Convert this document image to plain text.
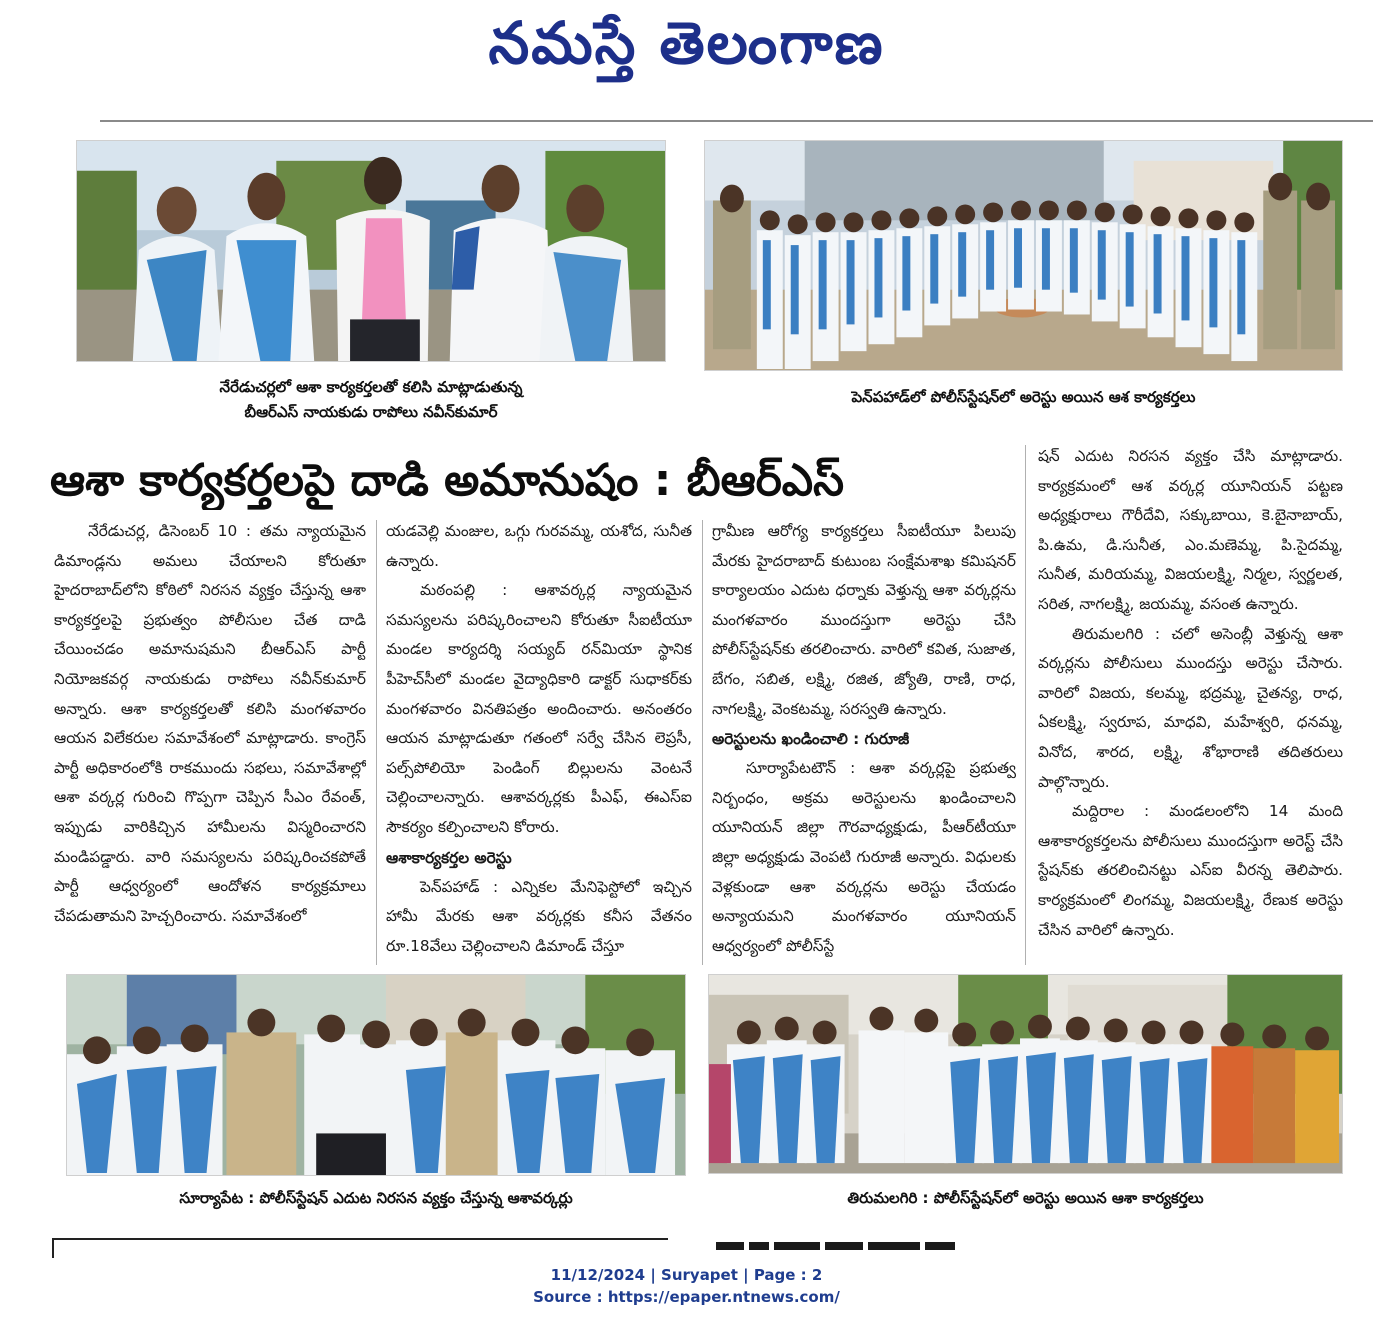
నమస్తే తెలంగాణ
నేరేడుచర్లలో ఆశా కార్యకర్తలతో కలిసి మాట్లాడుతున్న
బీఆర్‌ఎస్‌ నాయకుడు రాపోలు నవీన్‌కుమార్‌
పెన్‌పహాడ్‌లో పోలీస్‌స్టేషన్‌లో అరెస్టు అయిన ఆశ కార్యకర్తలు
ఆశా కార్యకర్తలపై దాడి అమానుషం : బీఆర్‌ఎస్‌

నేరేడుచర్ల, డిసెంబర్‌ 10 : తమ న్యాయమైన డిమాండ్లను అమలు చేయాలని కోరుతూ హైదరాబాద్‌లోని కోఠిలో నిరసన వ్యక్తం చేస్తున్న ఆశా కార్యకర్తలపై ప్రభుత్వం పోలీసుల చేత దాడి చేయించడం అమానుషమని బీఆర్‌ఎస్‌ పార్టీ నియోజకవర్గ నాయకుడు రాపోలు నవీన్‌కుమార్‌ అన్నారు. ఆశా కార్యకర్తలతో కలిసి మంగళవారం ఆయన విలేకరుల సమావేశంలో మాట్లాడారు. కాంగ్రెస్‌ పార్టీ అధికారంలోకి రాకముందు సభలు, సమావేశాల్లో ఆశా వర్కర్ల గురించి గొప్పగా చెప్పిన సీఎం రేవంత్‌, ఇప్పుడు వారికిచ్చిన హామీలను విస్మరించారని మండిపడ్డారు. వారి సమస్యలను పరిష్కరించకపోతే పార్టీ ఆధ్వర్యంలో ఆందోళన కార్యక్రమాలు చేపడుతామని హెచ్చరించారు. సమావేశంలో

యడవెల్లి మంజుల, ఒగ్గు గురవమ్మ, యశోద, సునీత ఉన్నారు.

మఠంపల్లి : ఆశావర్కర్ల న్యాయమైన సమస్యలను పరిష్కరించాలని కోరుతూ సీఐటీయూ మండల కార్యదర్శి సయ్యద్‌ రన్‌మియా స్థానిక పీహెచ్‌సీలో మండల వైద్యాధికారి డాక్టర్‌ సుధాకర్‌కు మంగళవారం వినతిపత్రం అందించారు. అనంతరం ఆయన మాట్లాడుతూ గతంలో సర్వే చేసిన లెప్రసీ, పల్స్‌పోలియో పెండింగ్‌ బిల్లులను వెంటనే చెల్లించాలన్నారు. ఆశావర్కర్లకు పీఎఫ్‌, ఈఎస్‌ఐ సౌకర్యం కల్పించాలని కోరారు.

ఆశాకార్యకర్తల అరెస్టు

పెన్‌పహాడ్‌ : ఎన్నికల మేనిఫెస్టోలో ఇచ్చిన హామీ మేరకు ఆశా వర్కర్లకు కనీస వేతనం రూ.18వేలు చెల్లించాలని డిమాండ్‌ చేస్తూ

గ్రామీణ ఆరోగ్య కార్యకర్తలు సీఐటీయూ పిలుపు మేరకు హైదరాబాద్‌ కుటుంబ సంక్షేమశాఖ కమిషనర్‌ కార్యాలయం ఎదుట ధర్నాకు వెళ్తున్న ఆశా వర్కర్లను మంగళవారం ముందస్తుగా అరెస్టు చేసి పోలీస్‌స్టేషన్‌కు తరలించారు. వారిలో కవిత, సుజాత, బేగం, సబిత, లక్ష్మి, రజిత, జ్యోతి, రాణి, రాధ, నాగలక్ష్మి, వెంకటమ్మ, సరస్వతి ఉన్నారు.

అరెస్టులను ఖండించాలి : గురూజీ

సూర్యాపేటటౌన్‌ : ఆశా వర్కర్లపై ప్రభుత్వ నిర్బంధం, అక్రమ అరెస్టులను ఖండించాలని యూనియన్‌ జిల్లా గౌరవాధ్యక్షుడు, పీఆర్‌టీయూ జిల్లా అధ్యక్షుడు వెంపటి గురూజీ అన్నారు. విధులకు వెళ్లకుండా ఆశా వర్కర్లను అరెస్టు చేయడం అన్యాయమని మంగళవారం యూనియన్‌ ఆధ్వర్యంలో పోలీస్‌స్టే

షన్‌ ఎదుట నిరసన వ్యక్తం చేసి మాట్లాడారు. కార్యక్రమంలో ఆశ వర్కర్ల యూనియన్‌ పట్టణ అధ్యక్షురాలు గౌరీదేవి, సక్కుబాయి, కె.బైనాబాయ్‌, పి.ఉమ, డి.సునీత, ఎం.మణెమ్మ, పి.సైదమ్మ, సునీత, మరియమ్మ, విజయలక్ష్మి, నిర్మల, స్వర్ణలత, సరిత, నాగలక్ష్మి, జయమ్మ, వసంత ఉన్నారు.

తిరుమలగిరి : చలో అసెంబ్లీ వెళ్తున్న ఆశా వర్కర్లను పోలీసులు ముందస్తు అరెస్టు చేసారు. వారిలో విజయ, కలమ్మ, భద్రమ్మ, చైతన్య, రాధ, ఏకలక్ష్మి, స్వరూప, మాధవి, మహేశ్వరి, ధనమ్మ, వినోద, శారద, లక్ష్మి, శోభారాణి తదితరులు పాల్గొన్నారు.

మద్దిరాల : మండలంలోని 14 మంది ఆశాకార్యకర్తలను పోలీసులు ముందస్తుగా అరెస్ట్‌ చేసి స్టేషన్‌కు తరలించినట్టు ఎస్‌ఐ వీరన్న తెలిపారు. కార్యక్రమంలో లింగమ్మ, విజయలక్ష్మి, రేణుక అరెస్టు చేసిన వారిలో ఉన్నారు.

సూర్యాపేట : పోలీస్‌స్టేషన్‌ ఎదుట నిరసన వ్యక్తం చేస్తున్న ఆశావర్కర్లు	తిరుమలగిరి : పోలీస్‌స్టేషన్‌లో అరెస్టు అయిన ఆశా కార్యకర్తలు
11/12/2024 | Suryapet | Page : 2
Source : https://epaper.ntnews.com/
